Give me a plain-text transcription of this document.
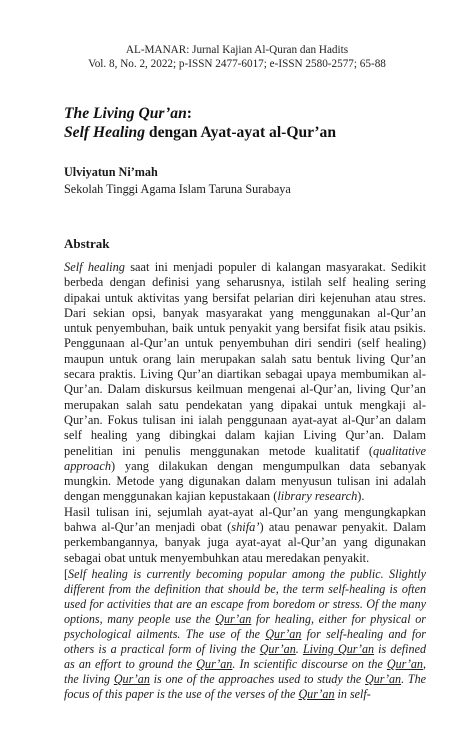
AL-MANAR: Jurnal Kajian Al-Quran dan Hadits
Vol. 8, No. 2, 2022; p-ISSN 2477-6017; e-ISSN 2580-2577; 65-88
The Living Qur’an:
Self Healing dengan Ayat-ayat al-Qur’an
Ulviyatun Ni’mah
Sekolah Tinggi Agama Islam Taruna Surabaya
Abstrak

Self healing saat ini menjadi populer di kalangan masyarakat. Sedikit berbeda dengan definisi yang seharusnya, istilah self healing sering dipakai untuk aktivitas yang bersifat pelarian diri kejenuhan atau stres. Dari sekian opsi, banyak masyarakat yang menggunakan al-Qur’an untuk penyembuhan, baik untuk penyakit yang bersifat fisik atau psikis. Penggunaan al-Qur’an untuk penyembuhan diri sendiri (self healing) maupun untuk orang lain merupakan salah satu bentuk living Qur’an secara praktis. Living Qur’an diartikan sebagai upaya membumikan al-Qur’an. Dalam diskursus keilmuan mengenai al-Qur’an, living Qur’an merupakan salah satu pendekatan yang dipakai untuk mengkaji al-Qur’an. Fokus tulisan ini ialah penggunaan ayat-ayat al-Qur’an dalam self healing yang dibingkai dalam kajian Living Qur’an. Dalam penelitian ini penulis menggunakan metode kualitatif (qualitative approach) yang dilakukan dengan mengumpulkan data sebanyak mungkin. Metode yang digunakan dalam menyusun tulisan ini adalah dengan menggunakan kajian kepustakaan (library research).

Hasil tulisan ini, sejumlah ayat-ayat al-Qur’an yang mengungkapkan bahwa al-Qur’an menjadi obat (shifa’) atau penawar penyakit. Dalam perkembangannya, banyak juga ayat-ayat al-Qur’an yang digunakan sebagai obat untuk menyembuhkan atau meredakan penyakit.

[Self healing is currently becoming popular among the public. Slightly different from the definition that should be, the term self-healing is often used for activities that are an escape from boredom or stress. Of the many options, many people use the Qur’an for healing, either for physical or psychological ailments. The use of the Qur’an for self-healing and for others is a practical form of living the Qur’an. Living Qur’an is defined as an effort to ground the Qur’an. In scientific discourse on the Qur’an, the living Qur’an is one of the approaches used to study the Qur’an. The focus of this paper is the use of the verses of the Qur’an in self-
